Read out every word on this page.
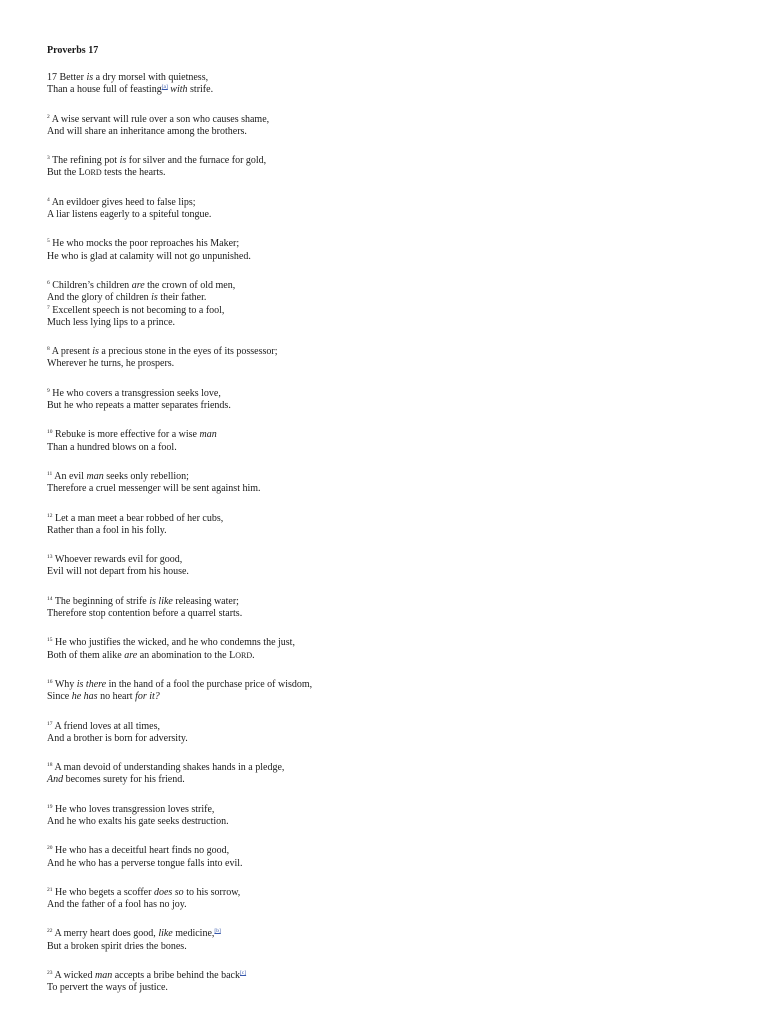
Proverbs 17

17 Better is a dry morsel with quietness,
Than a house full of feasting[a] with strife.

$^2$ A wise servant will rule over a son who causes shame,
And will share an inheritance among the brothers.

$^3$ The refining pot is for silver and the furnace for gold,
But the LORD tests the hearts.

$^4$ An evildoer gives heed to false lips;
A liar listens eagerly to a spiteful tongue.

$^5$ He who mocks the poor reproaches his Maker;
He who is glad at calamity will not go unpunished.

$^6$ Children’s children are the crown of old men,
And the glory of children is their father.

$^7$ Excellent speech is not becoming to a fool,
Much less lying lips to a prince.

$^8$ A present is a precious stone in the eyes of its possessor;
Wherever he turns, he prospers.

$^9$ He who covers a transgression seeks love,
But he who repeats a matter separates friends.

$^{10}$ Rebuke is more effective for a wise man
Than a hundred blows on a fool.

$^{11}$ An evil man seeks only rebellion;
Therefore a cruel messenger will be sent against him.

$^{12}$ Let a man meet a bear robbed of her cubs,
Rather than a fool in his folly.

$^{13}$ Whoever rewards evil for good,
Evil will not depart from his house.

$^{14}$ The beginning of strife is like releasing water;
Therefore stop contention before a quarrel starts.

$^{15}$ He who justifies the wicked, and he who condemns the just,
Both of them alike are an abomination to the LORD.

$^{16}$ Why is there in the hand of a fool the purchase price of wisdom,
Since he has no heart for it?

$^{17}$ A friend loves at all times,
And a brother is born for adversity.

$^{18}$ A man devoid of understanding shakes hands in a pledge,
And becomes surety for his friend.

$^{19}$ He who loves transgression loves strife,
And he who exalts his gate seeks destruction.

$^{20}$ He who has a deceitful heart finds no good,
And he who has a perverse tongue falls into evil.

$^{21}$ He who begets a scoffer does so to his sorrow,
And the father of a fool has no joy.

$^{22}$ A merry heart does good, like medicine,[b]
But a broken spirit dries the bones.

$^{23}$ A wicked man accepts a bribe behind the back[c]
To pervert the ways of justice.
